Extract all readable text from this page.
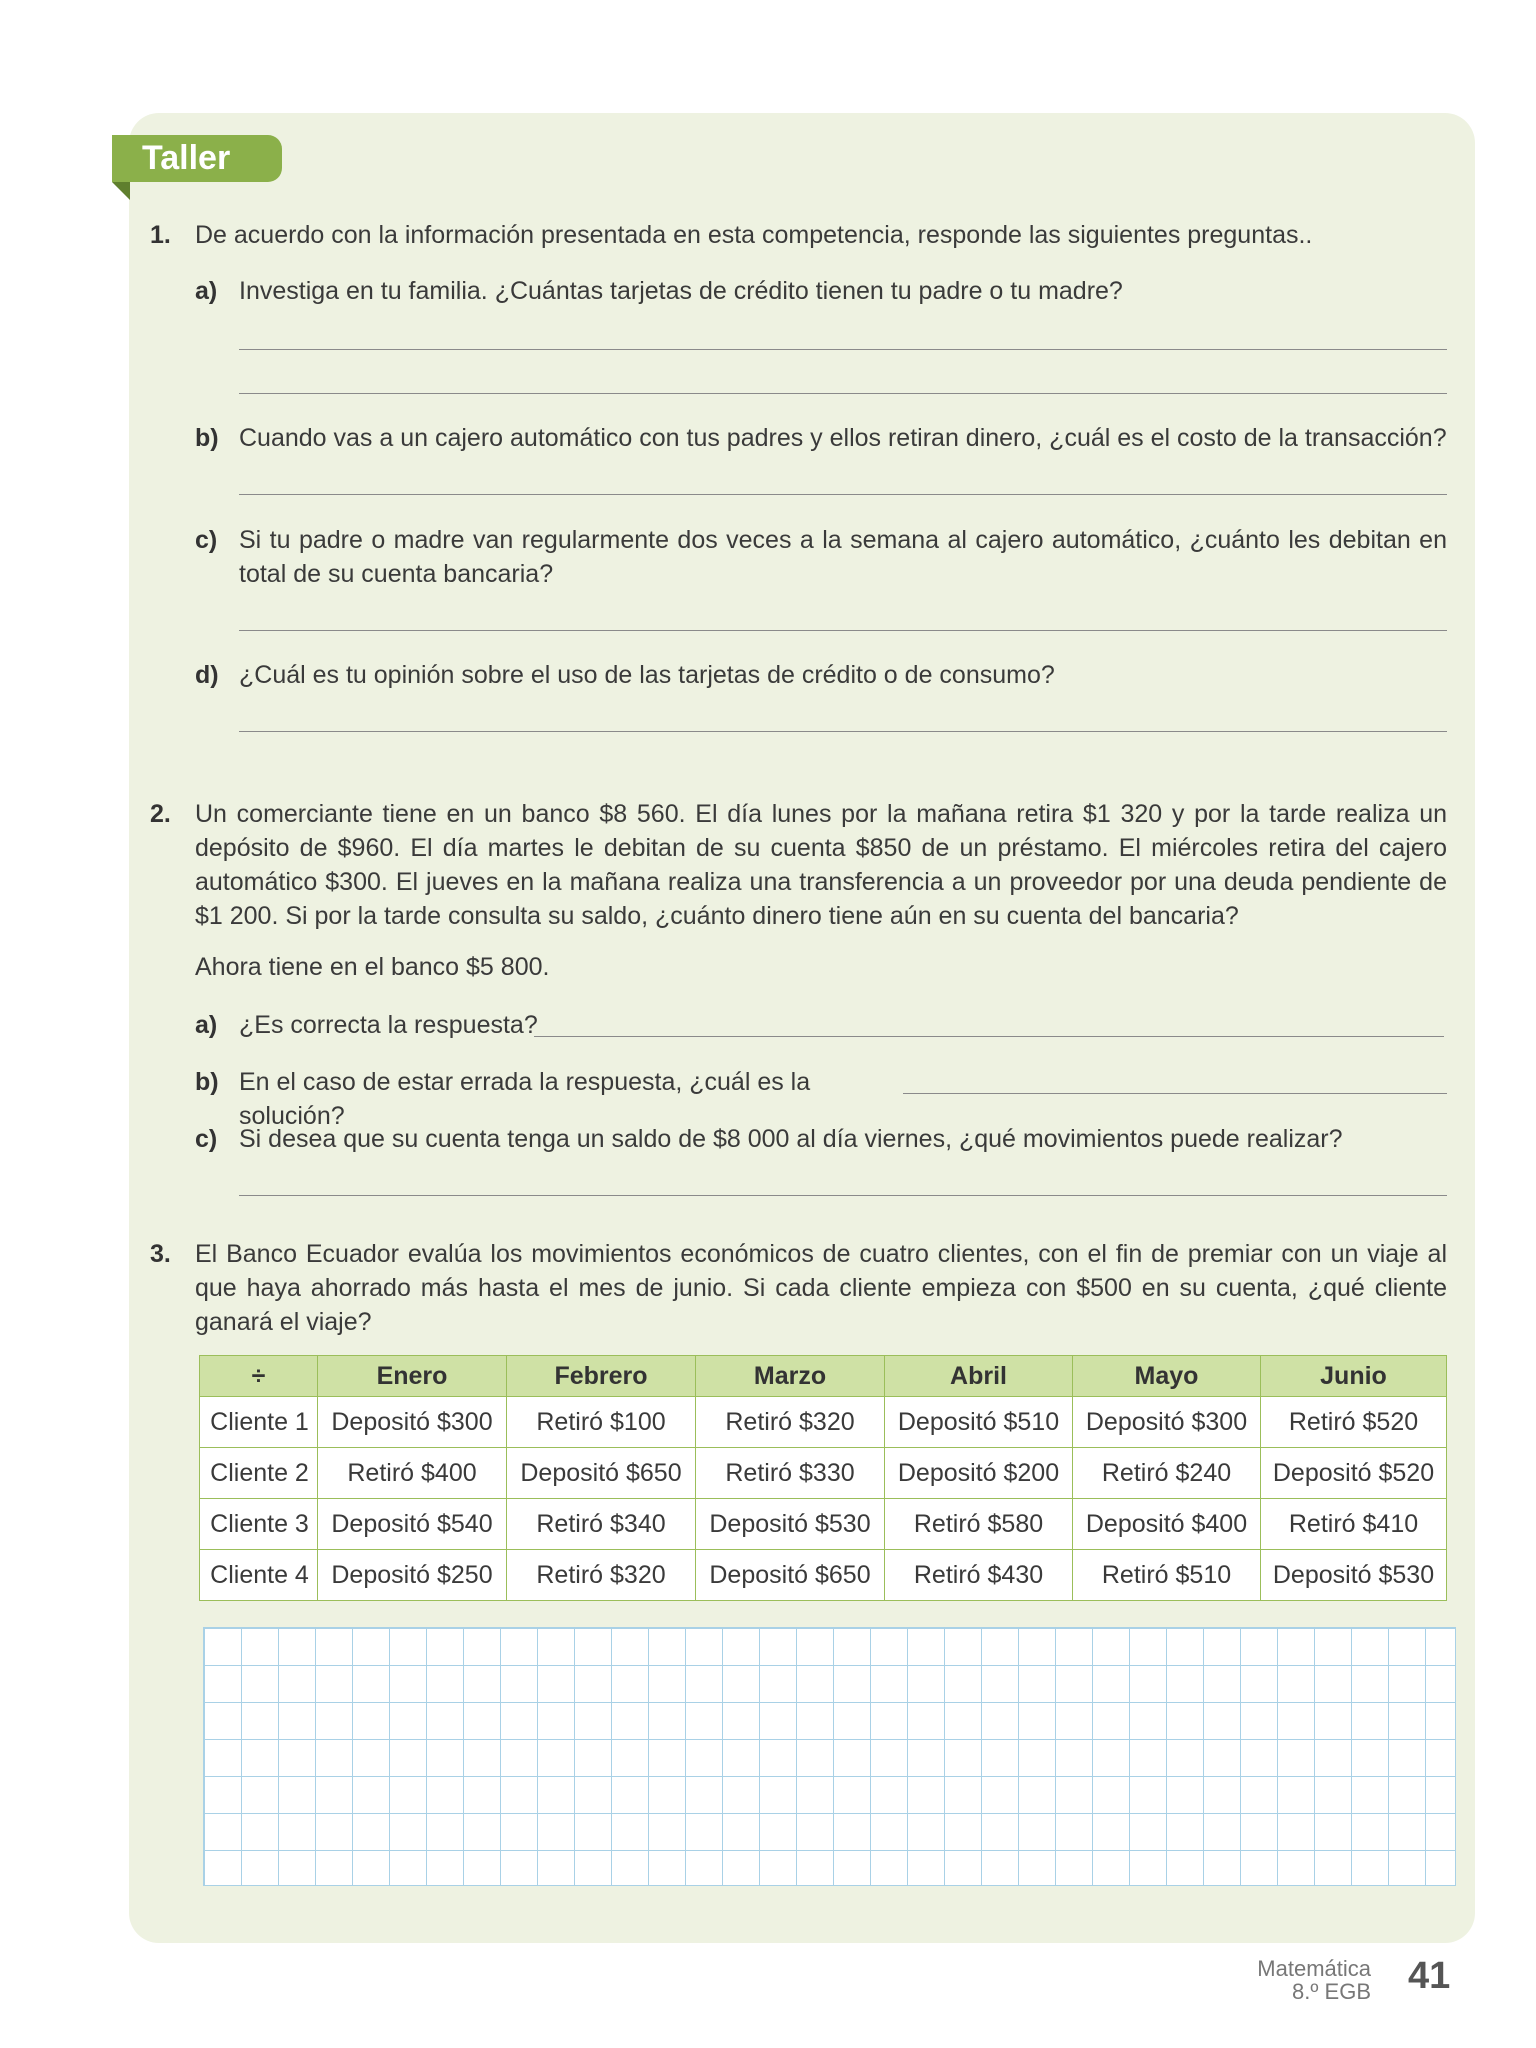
Taller
1. De acuerdo con la información presentada en esta competencia, responde las siguientes preguntas..
a) Investiga en tu familia. ¿Cuántas tarjetas de crédito tienen tu padre o tu madre?
b) Cuando vas a un cajero automático con tus padres y ellos retiran dinero, ¿cuál es el costo de la transacción?
c) Si tu padre o madre van regularmente dos veces a la semana al cajero automático, ¿cuánto les debitan en total de su cuenta bancaria?
d) ¿Cuál es tu opinión sobre el uso de las tarjetas de crédito o de consumo?
2. Un comerciante tiene en un banco $8 560. El día lunes por la mañana retira $1 320 y por la tarde realiza un depósito de $960. El día martes le debitan de su cuenta $850 de un préstamo. El miércoles retira del cajero automático $300. El jueves en la mañana realiza una transferencia a un proveedor por una deuda pendiente de $1 200. Si por la tarde consulta su saldo, ¿cuánto dinero tiene aún en su cuenta del bancaria?
Ahora tiene en el banco $5 800.
a) ¿Es correcta la respuesta?
b) En el caso de estar errada la respuesta, ¿cuál es la solución?
c) Si desea que su cuenta tenga un saldo de $8 000 al día viernes, ¿qué movimientos puede realizar?
3. El Banco Ecuador evalúa los movimientos económicos de cuatro clientes, con el fin de premiar con un viaje al que haya ahorrado más hasta el mes de junio. Si cada cliente empieza con $500 en su cuenta, ¿qué cliente ganará el viaje?
÷	Enero	Febrero	Marzo	Abril	Mayo	Junio
Cliente 1	Depositó $300	Retiró $100	Retiró $320	Depositó $510	Depositó $300	Retiró $520
Cliente 2	Retiró $400	Depositó $650	Retiró $330	Depositó $200	Retiró $240	Depositó $520
Cliente 3	Depositó $540	Retiró $340	Depositó $530	Retiró $580	Depositó $400	Retiró $410
Cliente 4	Depositó $250	Retiró $320	Depositó $650	Retiró $430	Retiró $510	Depositó $530
Matemática
8.º EGB 41
